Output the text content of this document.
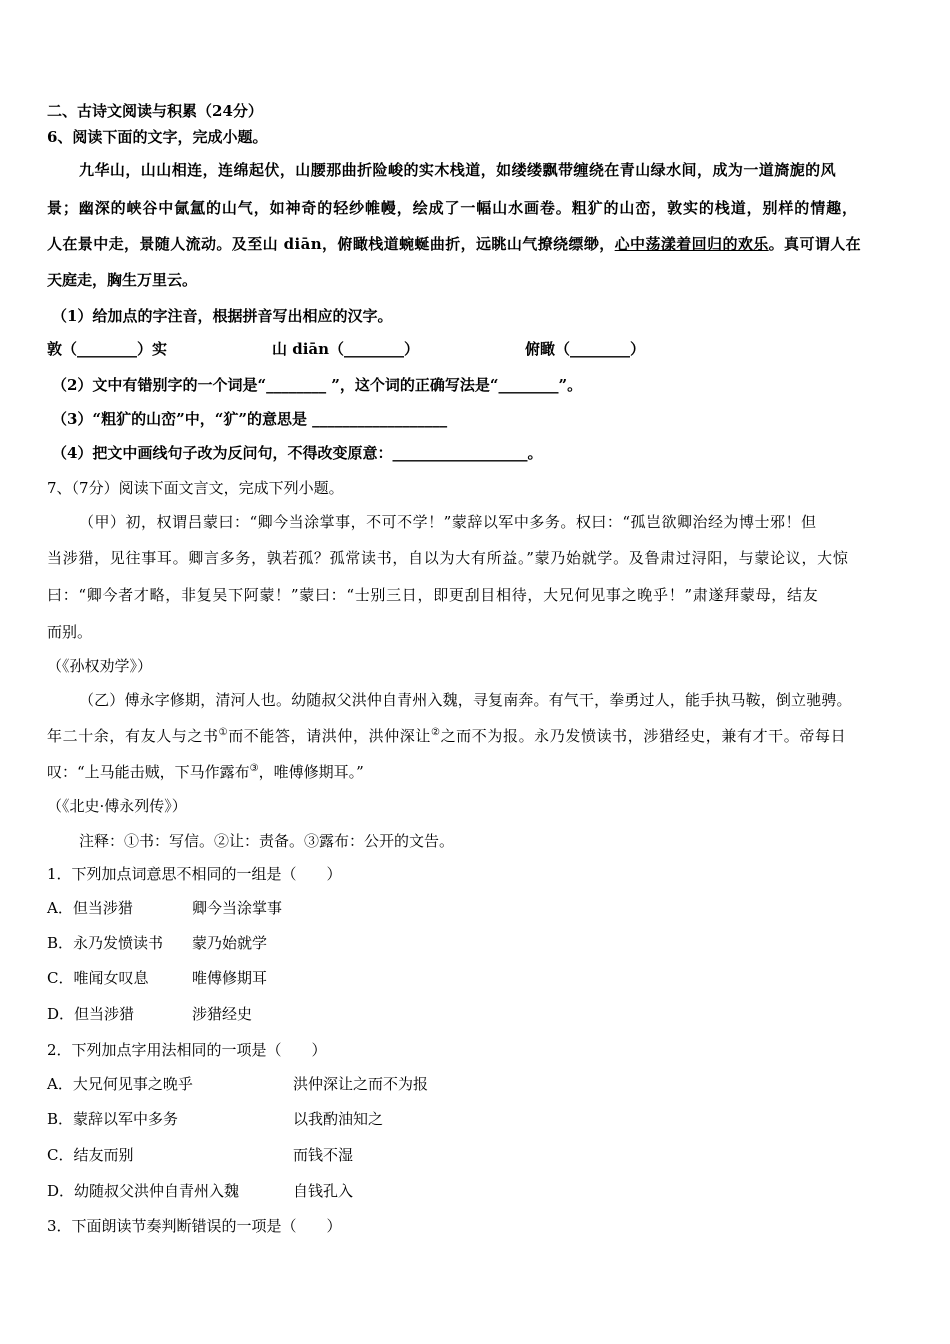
二、古诗文阅读与积累（24分）
6、阅读下面的文字，完成小题。
九华山，山山相连，连绵起伏，山腰那曲折险峻的实木栈道，如缕缕飘带缠绕在青山绿水间，成为一道旖旎的风
景；幽深的峡谷中氤氲的山气，如神奇的轻纱帷幔，绘成了一幅山水画卷。粗犷的山峦，敦实的栈道，别样的情趣，
人在景中走，景随人流动。及至山 diān，俯瞰栈道蜿蜒曲折，远眺山气撩绕缥缈，心中荡漾着回归的欢乐。真可谓人在
天庭走，胸生万里云。
（1）给加点的字注音，根据拼音写出相应的汉字。
敦（________）实	山 diān（________）	俯瞰（________）
（2）文中有错别字的一个词是“________ ”，这个词的正确写法是“________”。
（3）“粗犷的山峦”中，“犷”的意思是 __________________
（4）把文中画线句子改为反问句，不得改变原意：__________________。
7、（7分）阅读下面文言文，完成下列小题。
（甲）初，权谓吕蒙曰：“卿今当涂掌事，不可不学！”蒙辞以军中多务。权曰：“孤岂欲卿治经为博士邪！但
当涉猎，见往事耳。卿言多务，孰若孤？孤常读书，自以为大有所益。”蒙乃始就学。及鲁肃过浔阳，与蒙论议，大惊
曰：“卿今者才略，非复吴下阿蒙！”蒙曰：“士别三日，即更刮目相待，大兄何见事之晚乎！”肃遂拜蒙母，结友
而别。
（《孙权劝学》）
（乙）傅永字修期，清河人也。幼随叔父洪仲自青州入魏，寻复南奔。有气干，拳勇过人，能手执马鞍，倒立驰骋。
年二十余，有友人与之书①而不能答，请洪仲，洪仲深让②之而不为报。永乃发愤读书，涉猎经史，兼有才干。帝每日
叹：“上马能击贼，下马作露布③，唯傅修期耳。”
（《北史·傅永列传》）
注释：①书：写信。②让：责备。③露布：公开的文告。
1．下列加点词意思不相同的一组是（　　）
A．但当涉猎	卿今当涂掌事
B．永乃发愤读书 蒙乃始就学
C．唯闻女叹息	唯傅修期耳
D．但当涉猎	涉猎经史
2．下列加点字用法相同的一项是（　　）
A．大兄何见事之晚乎	洪仲深让之而不为报
B．蒙辞以军中多务	以我酌油知之
C．结友而别	而钱不湿
D．幼随叔父洪仲自青州入魏	自钱孔入
3．下面朗读节奏判断错误的一项是（　　）
